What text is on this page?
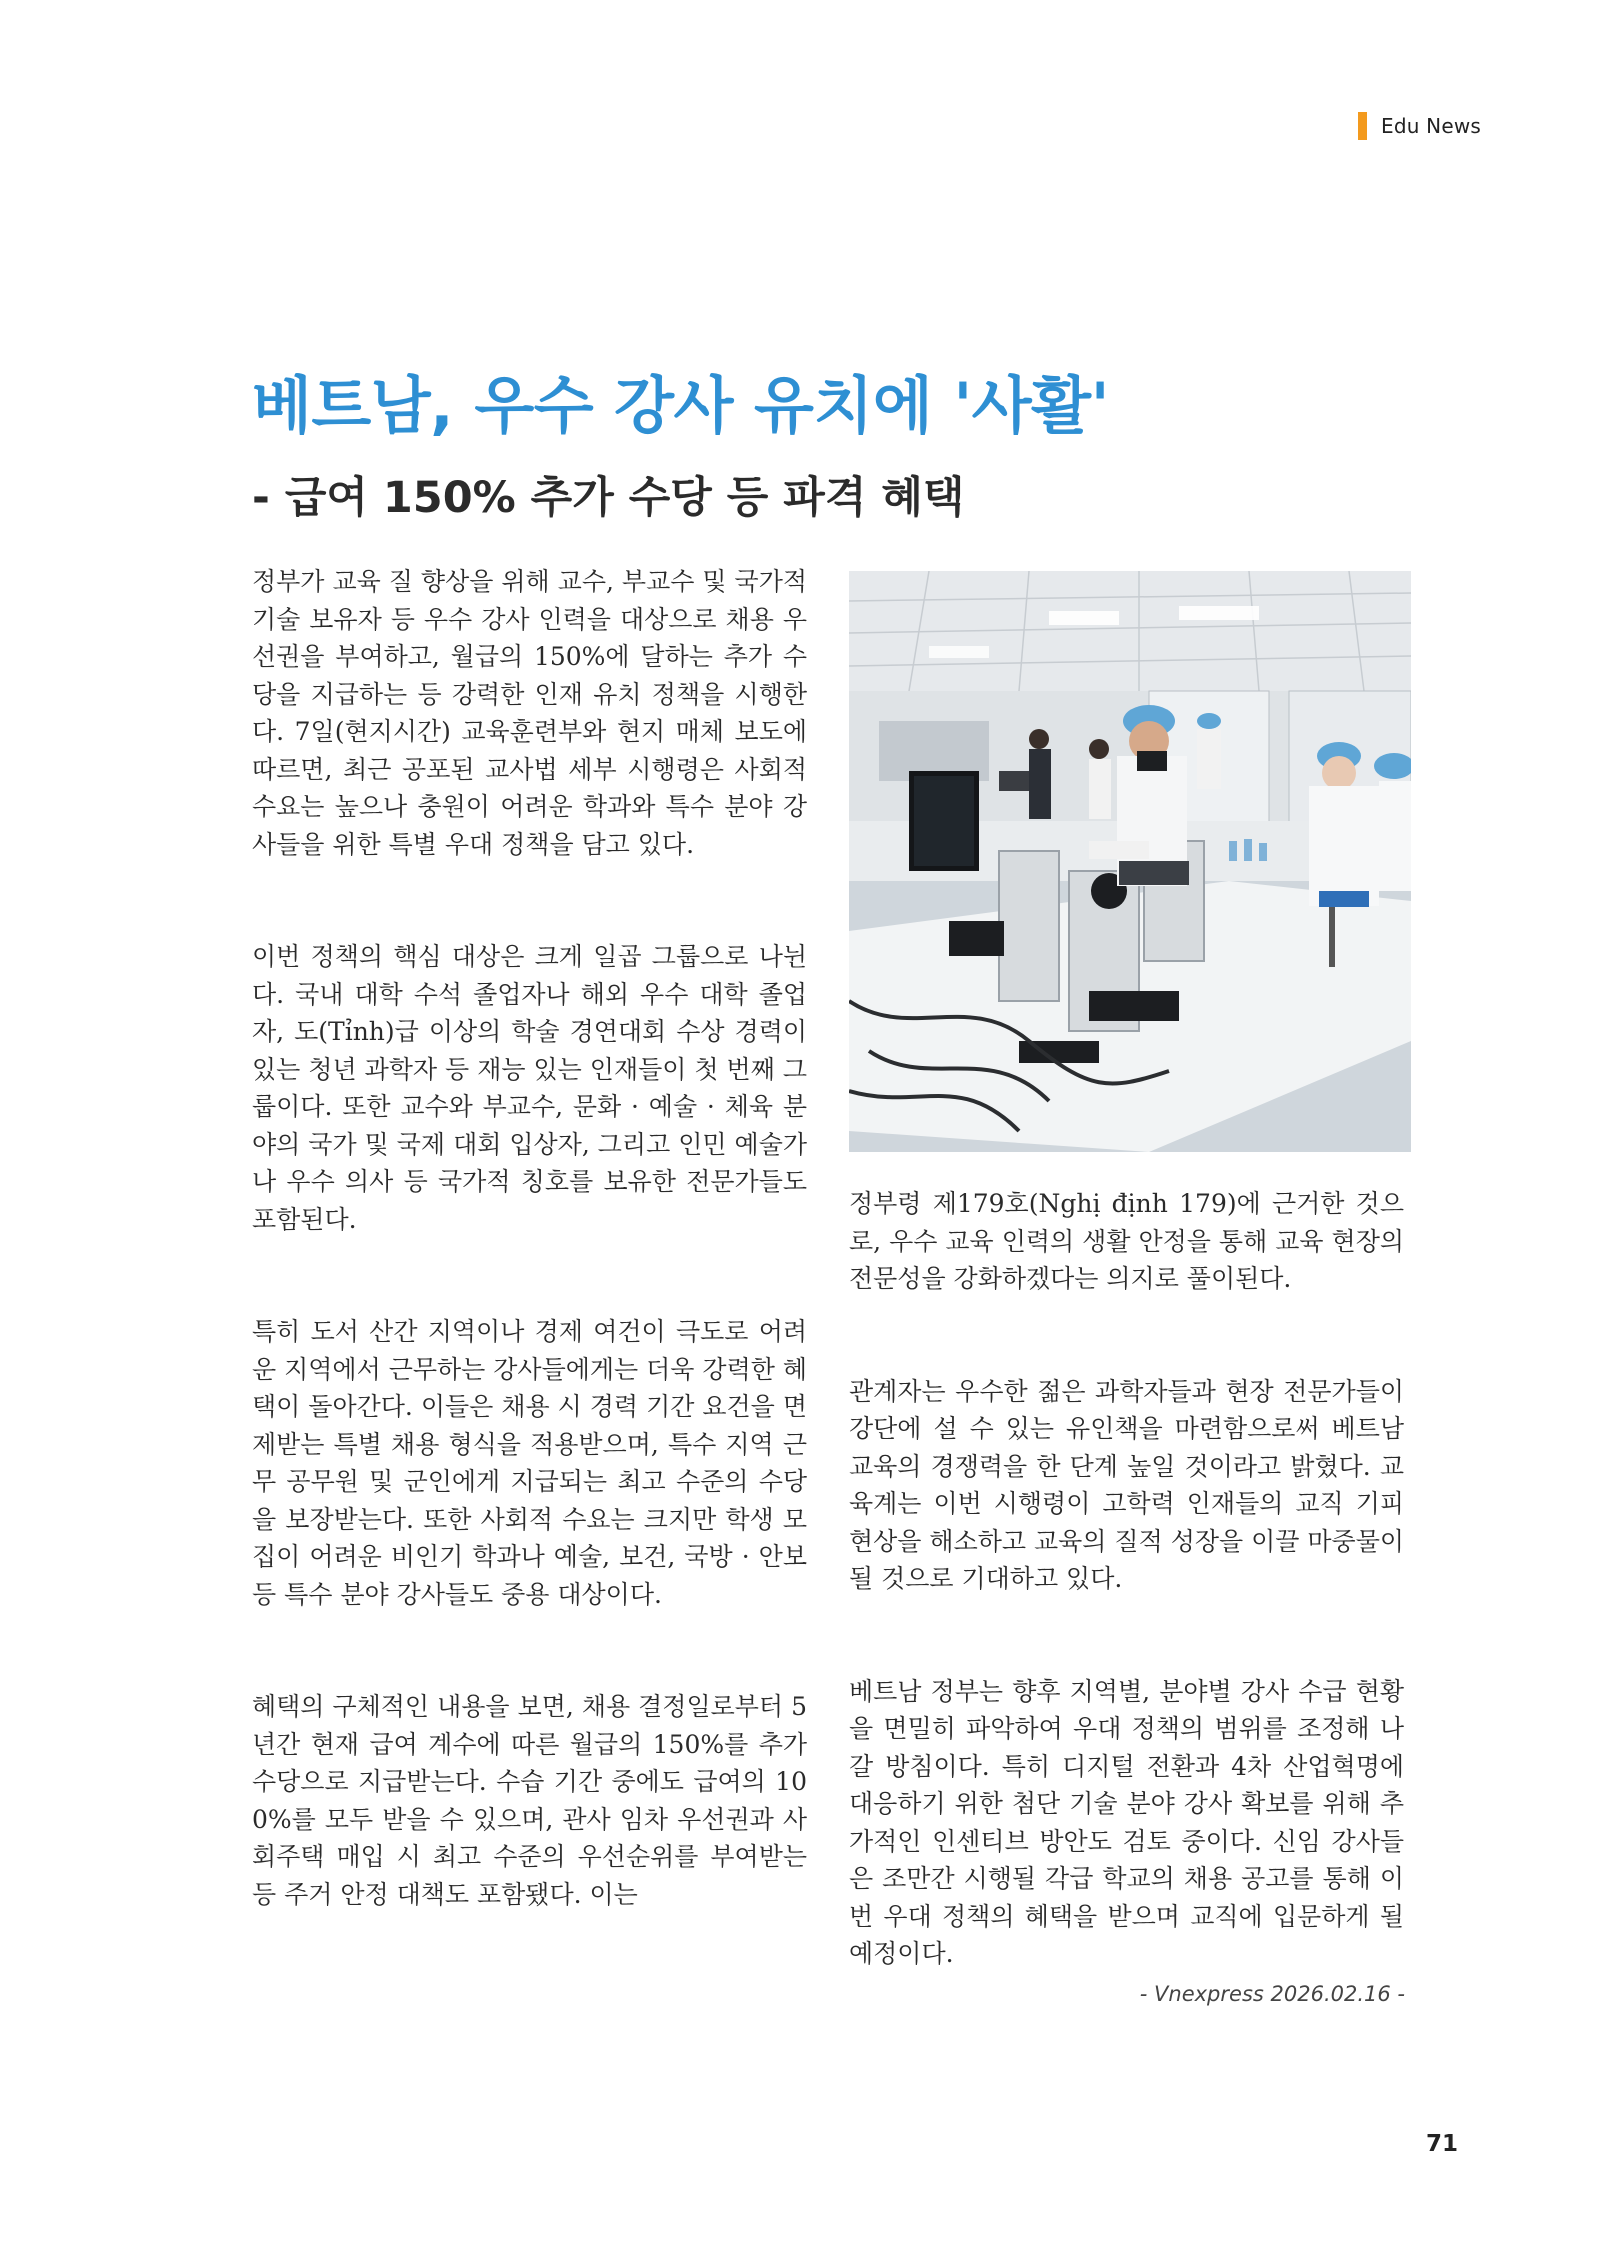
Edu News
베트남, 우수 강사 유치에 '사활'
- 급여 150% 추가 수당 등 파격 혜택

정부가 교육 질 향상을 위해 교수, 부교수 및 국가적 기술 보유자 등 우수 강사 인력을 대상으로 채용 우선권을 부여하고, 월급의 150%에 달하는 추가 수당을 지급하는 등 강력한 인재 유치 정책을 시행한다. 7일(현지시간) 교육훈련부와 현지 매체 보도에 따르면, 최근 공포된 교사법 세부 시행령은 사회적 수요는 높으나 충원이 어려운 학과와 특수 분야 강사들을 위한 특별 우대 정책을 담고 있다.

이번 정책의 핵심 대상은 크게 일곱 그룹으로 나뉜다. 국내 대학 수석 졸업자나 해외 우수 대학 졸업자, 도(Tỉnh)급 이상의 학술 경연대회 수상 경력이 있는 청년 과학자 등 재능 있는 인재들이 첫 번째 그룹이다. 또한 교수와 부교수, 문화 · 예술 · 체육 분야의 국가 및 국제 대회 입상자, 그리고 인민 예술가나 우수 의사 등 국가적 칭호를 보유한 전문가들도 포함된다.

특히 도서 산간 지역이나 경제 여건이 극도로 어려운 지역에서 근무하는 강사들에게는 더욱 강력한 혜택이 돌아간다. 이들은 채용 시 경력 기간 요건을 면제받는 특별 채용 형식을 적용받으며, 특수 지역 근무 공무원 및 군인에게 지급되는 최고 수준의 수당을 보장받는다. 또한 사회적 수요는 크지만 학생 모집이 어려운 비인기 학과나 예술, 보건, 국방 · 안보 등 특수 분야 강사들도 중용 대상이다.

혜택의 구체적인 내용을 보면, 채용 결정일로부터 5년간 현재 급여 계수에 따른 월급의 150%를 추가 수당으로 지급받는다. 수습 기간 중에도 급여의 100%를 모두 받을 수 있으며, 관사 임차 우선권과 사회주택 매입 시 최고 수준의 우선순위를 부여받는 등 주거 안정 대책도 포함됐다. 이는

정부령 제179호(Nghị định 179)에 근거한 것으로, 우수 교육 인력의 생활 안정을 통해 교육 현장의 전문성을 강화하겠다는 의지로 풀이된다.

관계자는 우수한 젊은 과학자들과 현장 전문가들이 강단에 설 수 있는 유인책을 마련함으로써 베트남 교육의 경쟁력을 한 단계 높일 것이라고 밝혔다. 교육계는 이번 시행령이 고학력 인재들의 교직 기피 현상을 해소하고 교육의 질적 성장을 이끌 마중물이 될 것으로 기대하고 있다.

베트남 정부는 향후 지역별, 분야별 강사 수급 현황을 면밀히 파악하여 우대 정책의 범위를 조정해 나갈 방침이다. 특히 디지털 전환과 4차 산업혁명에 대응하기 위한 첨단 기술 분야 강사 확보를 위해 추가적인 인센티브 방안도 검토 중이다. 신임 강사들은 조만간 시행될 각급 학교의 채용 공고를 통해 이번 우대 정책의 혜택을 받으며 교직에 입문하게 될 예정이다.

- Vnexpress 2026.02.16 -
71
